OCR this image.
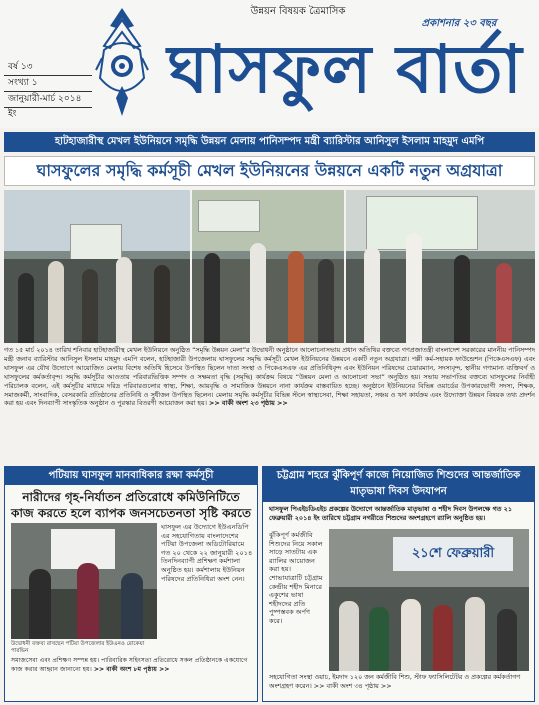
উন্নয়ন বিষয়ক ত্রৈমাসিক
প্রকাশনার ২৩ বছর
ঘাসফুল বার্তা
বর্ষ ১৩
সংখ্যা ১
জানুয়ারী-মার্চ ২০১৪ ইং
হাটহাজারীস্থ মেখল ইউনিয়নে সমৃদ্ধি উন্নয়ন মেলায় পানিসম্পদ মন্ত্রী ব্যারিস্টার আনিসুল ইসলাম মাহমুদ এমপি
ঘাসফুলের সমৃদ্ধি কর্মসূচী মেখল ইউনিয়নের উন্নয়নে একটি নতুন অগ্রযাত্রা
গত ১৫ মার্চ ২০১৪ তারিখ শনিবার হাটহাজারীস্থ মেখল ইউনিয়নে অনুষ্ঠিত “সমৃদ্ধি উন্নয়ন মেলা”র উদ্বোধনী অনুষ্ঠানে আলোচনাসভায় প্রধান অতিথির বক্তব্যে গণপ্রজাতন্ত্রী বাংলাদেশ সরকারের মাননীয় পানিসম্পদ মন্ত্রী জনাব ব্যারিস্টার আনিসুল ইসলাম মাহমুদ এমপি বলেন, হাটহাজারী উপজেলায় ঘাসফুলের সমৃদ্ধি কর্মসূচী মেখল ইউনিয়নের উন্নয়নে একটি নতুন অগ্রযাত্রা। পল্লী কর্ম-সহায়ক ফাউন্ডেশন (পিকেএসএফ) এবং ঘাসফুল এর যৌথ উদ্যোগে আয়োজিত মেলায় বিশেষ অতিথি হিসেবে উপস্থিত ছিলেন দাতা সংস্থা ও পিকেএসএফ এর প্রতিনিধিবৃন্দ এবং ইউনিয়ন পরিষদের চেয়ারম্যান, সদস্যবৃন্দ, স্থানীয় গণ্যমান্য ব্যক্তিবর্গ ও ঘাসফুলের কর্মকর্তাবৃন্দ। সমৃদ্ধি কর্মসূচীর আওতায় পরিবারভিত্তিক সম্পদ ও সক্ষমতা বৃদ্ধি (সমৃদ্ধি) কার্যক্রম বিষয়ে “উন্নয়ন মেলা ও আলোচনা সভা” অনুষ্ঠিত হয়। সভায় সভাপতির বক্তব্যে ঘাসফুলের নির্বাহী পরিচালক বলেন, এই কর্মসূচীর মাধ্যমে দরিদ্র পরিবারগুলোর স্বাস্থ্য, শিক্ষা, আয়বৃদ্ধি ও সামাজিক উন্নয়নে নানা কার্যক্রম বাস্তবায়িত হচ্ছে। অনুষ্ঠানে ইউনিয়নের বিভিন্ন ওয়ার্ডের উপকারভোগী সদস্য, শিক্ষক, সমাজকর্মী, সাংবাদিক, বেসরকারি প্রতিষ্ঠানের প্রতিনিধি ও সুধীজন উপস্থিত ছিলেন। মেলায় সমৃদ্ধি কর্মসূচীর বিভিন্ন স্টলে স্বাস্থ্যসেবা, শিক্ষা সহায়তা, সঞ্চয় ও ঋণ কার্যক্রম এবং উদ্যোক্তা উন্নয়ন বিষয়ক তথ্য প্রদর্শন করা হয় এবং দিনব্যাপী সাংস্কৃতিক অনুষ্ঠান ও পুরস্কার বিতরণী আয়োজন করা হয়। >> বাকী অংশ ২৩ পৃষ্ঠায় >>
পটিয়ায় ঘাসফুল মানবাধিকার রক্ষা কর্মসূচী
নারীদের গৃহ-নির্যাতন প্রতিরোধে কমিউনিটিতে কাজ করতে হলে ব্যাপক জনসচেতনতা সৃষ্টি করতে
উদ্বোধনী বক্তব্য রাখছেন পটিয়া উপজেলার ইউএনও রোকেয়া পারভিন
ঘাসফুল এর উদ্যোগে ইউএনডিপি এর সহযোগিতায় বাংলাদেশের পটিয়া উপজেলা অডিটোরিয়ামে গত ২০ থেকে ২২ জানুয়ারী ২০১৪ তিনদিনব্যাপী প্রশিক্ষণ কর্মশালা অনুষ্ঠিত হয়। কর্মশালায় ইউনিয়ন পরিষদের প্রতিনিধিরা অংশ নেন।
সমাজসেবা এবং প্রশিক্ষণ সম্পন্ন হয়। পারিবারিক সহিংসতা প্রতিরোধে সকল প্রতিষ্ঠানকে একযোগে কাজ করার আহ্বান জানানো হয়। >> বাকী অংশ ৮ম পৃষ্ঠায় >>
চট্টগ্রাম শহরে ঝুঁকিপূর্ণ কাজে নিয়োজিত শিশুদের আন্তর্জাতিক মাতৃভাষা দিবস উদযাপন
ঘাসফুল পিএইচডিএইচ প্রকল্পের উদ্যোগে আন্তর্জাতিক মাতৃভাষা ও শহীদ দিবস উপলক্ষে গত ২১ ফেব্রুয়ারী ২০১৪ ইং তারিখে চট্টগ্রাম নগরীতে শিশুদের অংশগ্রহণে র‍্যালি অনুষ্ঠিত হয়।
ঝুঁকিপূর্ণ কর্মজীবি শিশুদের নিয়ে সকাল সাড়ে সাতটায় এক র‍্যালির আয়োজন করা হয়। শোভাযাত্রাটি চট্টগ্রাম কেন্দ্রীয় শহীদ মিনারে একুশের ভাষা শহীদদের প্রতি পুষ্পস্তবক অর্পণ করে।
২১শে ফেব্রুয়ারী
সহযোগিতা সংস্থা ওয়াচ, ইমদাদ ১২০ জন কর্মজীবি শিশু, স্টাফ ফ্যাসিলিটেটর ও প্রকল্পের কর্মকর্তাগণ অংশগ্রহণ করেন। >> বাকী অংশ ৩৪ পৃষ্ঠায় >>
